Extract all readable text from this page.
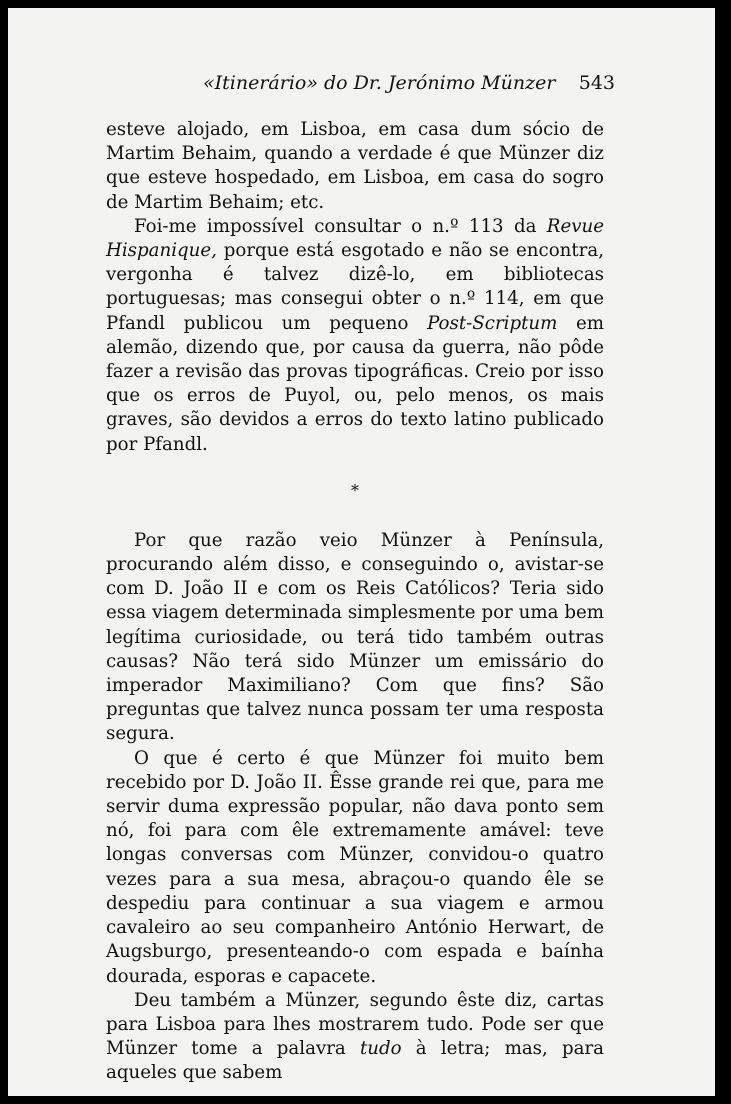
«Itinerário» do Dr. Jerónimo Münzer 543

esteve alojado, em Lisboa, em casa dum sócio de Martim Behaim, quando a verdade é que Münzer diz que esteve hospedado, em Lisboa, em casa do sogro de Martim Behaim; etc.

Foi-me impossível consultar o n.º 113 da Revue Hispanique, porque está esgotado e não se encontra, vergonha é talvez dizê-lo, em bibliotecas portuguesas; mas consegui obter o n.º 114, em que Pfandl publicou um pequeno Post-Scriptum em alemão, dizendo que, por causa da guerra, não pôde fazer a revisão das provas tipográficas. Creio por isso que os erros de Puyol, ou, pelo menos, os mais graves, são devidos a erros do texto latino publicado por Pfandl.

*

Por que razão veio Münzer à Península, procurando além disso, e conseguindo o, avistar-se com D. João II e com os Reis Católicos? Teria sido essa viagem determinada simplesmente por uma bem legítima curiosidade, ou terá tido também outras causas? Não terá sido Münzer um emissário do imperador Maximiliano? Com que fins? São preguntas que talvez nunca possam ter uma resposta segura.

O que é certo é que Münzer foi muito bem recebido por D. João II. Êsse grande rei que, para me servir duma expressão popular, não dava ponto sem nó, foi para com êle extremamente amável: teve longas conversas com Münzer, convidou-o quatro vezes para a sua mesa, abraçou-o quando êle se despediu para continuar a sua viagem e armou cavaleiro ao seu companheiro António Herwart, de Augsburgo, presenteando-o com espada e baínha dourada, esporas e capacete.

Deu também a Münzer, segundo êste diz, cartas para Lisboa para lhes mostrarem tudo. Pode ser que Münzer tome a palavra tudo à letra; mas, para aqueles que sabem
